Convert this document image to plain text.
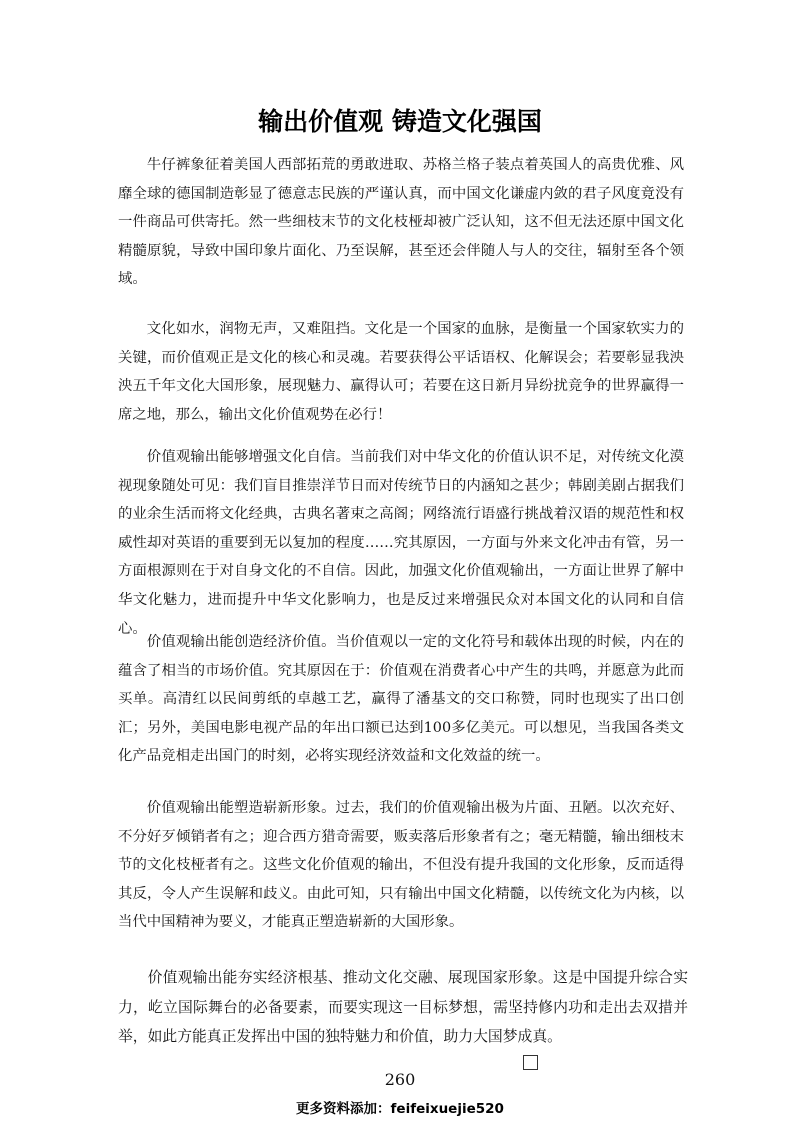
输出价值观 铸造文化强国

牛仔裤象征着美国人西部拓荒的勇敢进取、苏格兰格子装点着英国人的高贵优雅、风靡全球的德国制造彰显了德意志民族的严谨认真，而中国文化谦虚内敛的君子风度竟没有一件商品可供寄托。然一些细枝末节的文化枝桠却被广泛认知，这不但无法还原中国文化精髓原貌，导致中国印象片面化、乃至误解，甚至还会伴随人与人的交往，辐射至各个领域。

文化如水，润物无声，又难阻挡。文化是一个国家的血脉，是衡量一个国家软实力的关键，而价值观正是文化的核心和灵魂。若要获得公平话语权、化解误会；若要彰显我泱泱五千年文化大国形象，展现魅力、赢得认可；若要在这日新月异纷扰竞争的世界赢得一席之地，那么，输出文化价值观势在必行！

价值观输出能够增强文化自信。当前我们对中华文化的价值认识不足，对传统文化漠视现象随处可见：我们盲目推崇洋节日而对传统节日的内涵知之甚少；韩剧美剧占据我们的业余生活而将文化经典，古典名著束之高阁；网络流行语盛行挑战着汉语的规范性和权威性却对英语的重要到无以复加的程度……究其原因，一方面与外来文化冲击有管，另一方面根源则在于对自身文化的不自信。因此，加强文化价值观输出，一方面让世界了解中华文化魅力，进而提升中华文化影响力，也是反过来增强民众对本国文化的认同和自信心。

价值观输出能创造经济价值。当价值观以一定的文化符号和载体出现的时候，内在的蕴含了相当的市场价值。究其原因在于：价值观在消费者心中产生的共鸣，并愿意为此而买单。高清红以民间剪纸的卓越工艺，赢得了潘基文的交口称赞，同时也现实了出口创汇；另外，美国电影电视产品的年出口额已达到100多亿美元。可以想见，当我国各类文化产品竞相走出国门的时刻，必将实现经济效益和文化效益的统一。

价值观输出能塑造崭新形象。过去，我们的价值观输出极为片面、丑陋。以次充好、不分好歹倾销者有之；迎合西方猎奇需要，贩卖落后形象者有之；毫无精髓，输出细枝末节的文化枝桠者有之。这些文化价值观的输出，不但没有提升我国的文化形象，反而适得其反，令人产生误解和歧义。由此可知，只有输出中国文化精髓，以传统文化为内核，以当代中国精神为要义，才能真正塑造崭新的大国形象。

价值观输出能夯实经济根基、推动文化交融、展现国家形象。这是中国提升综合实力，屹立国际舞台的必备要素，而要实现这一目标梦想，需坚持修内功和走出去双措并举，如此方能真正发挥出中国的独特魅力和价值，助力大国梦成真。

260
更多资料添加：feifeixuejie520
